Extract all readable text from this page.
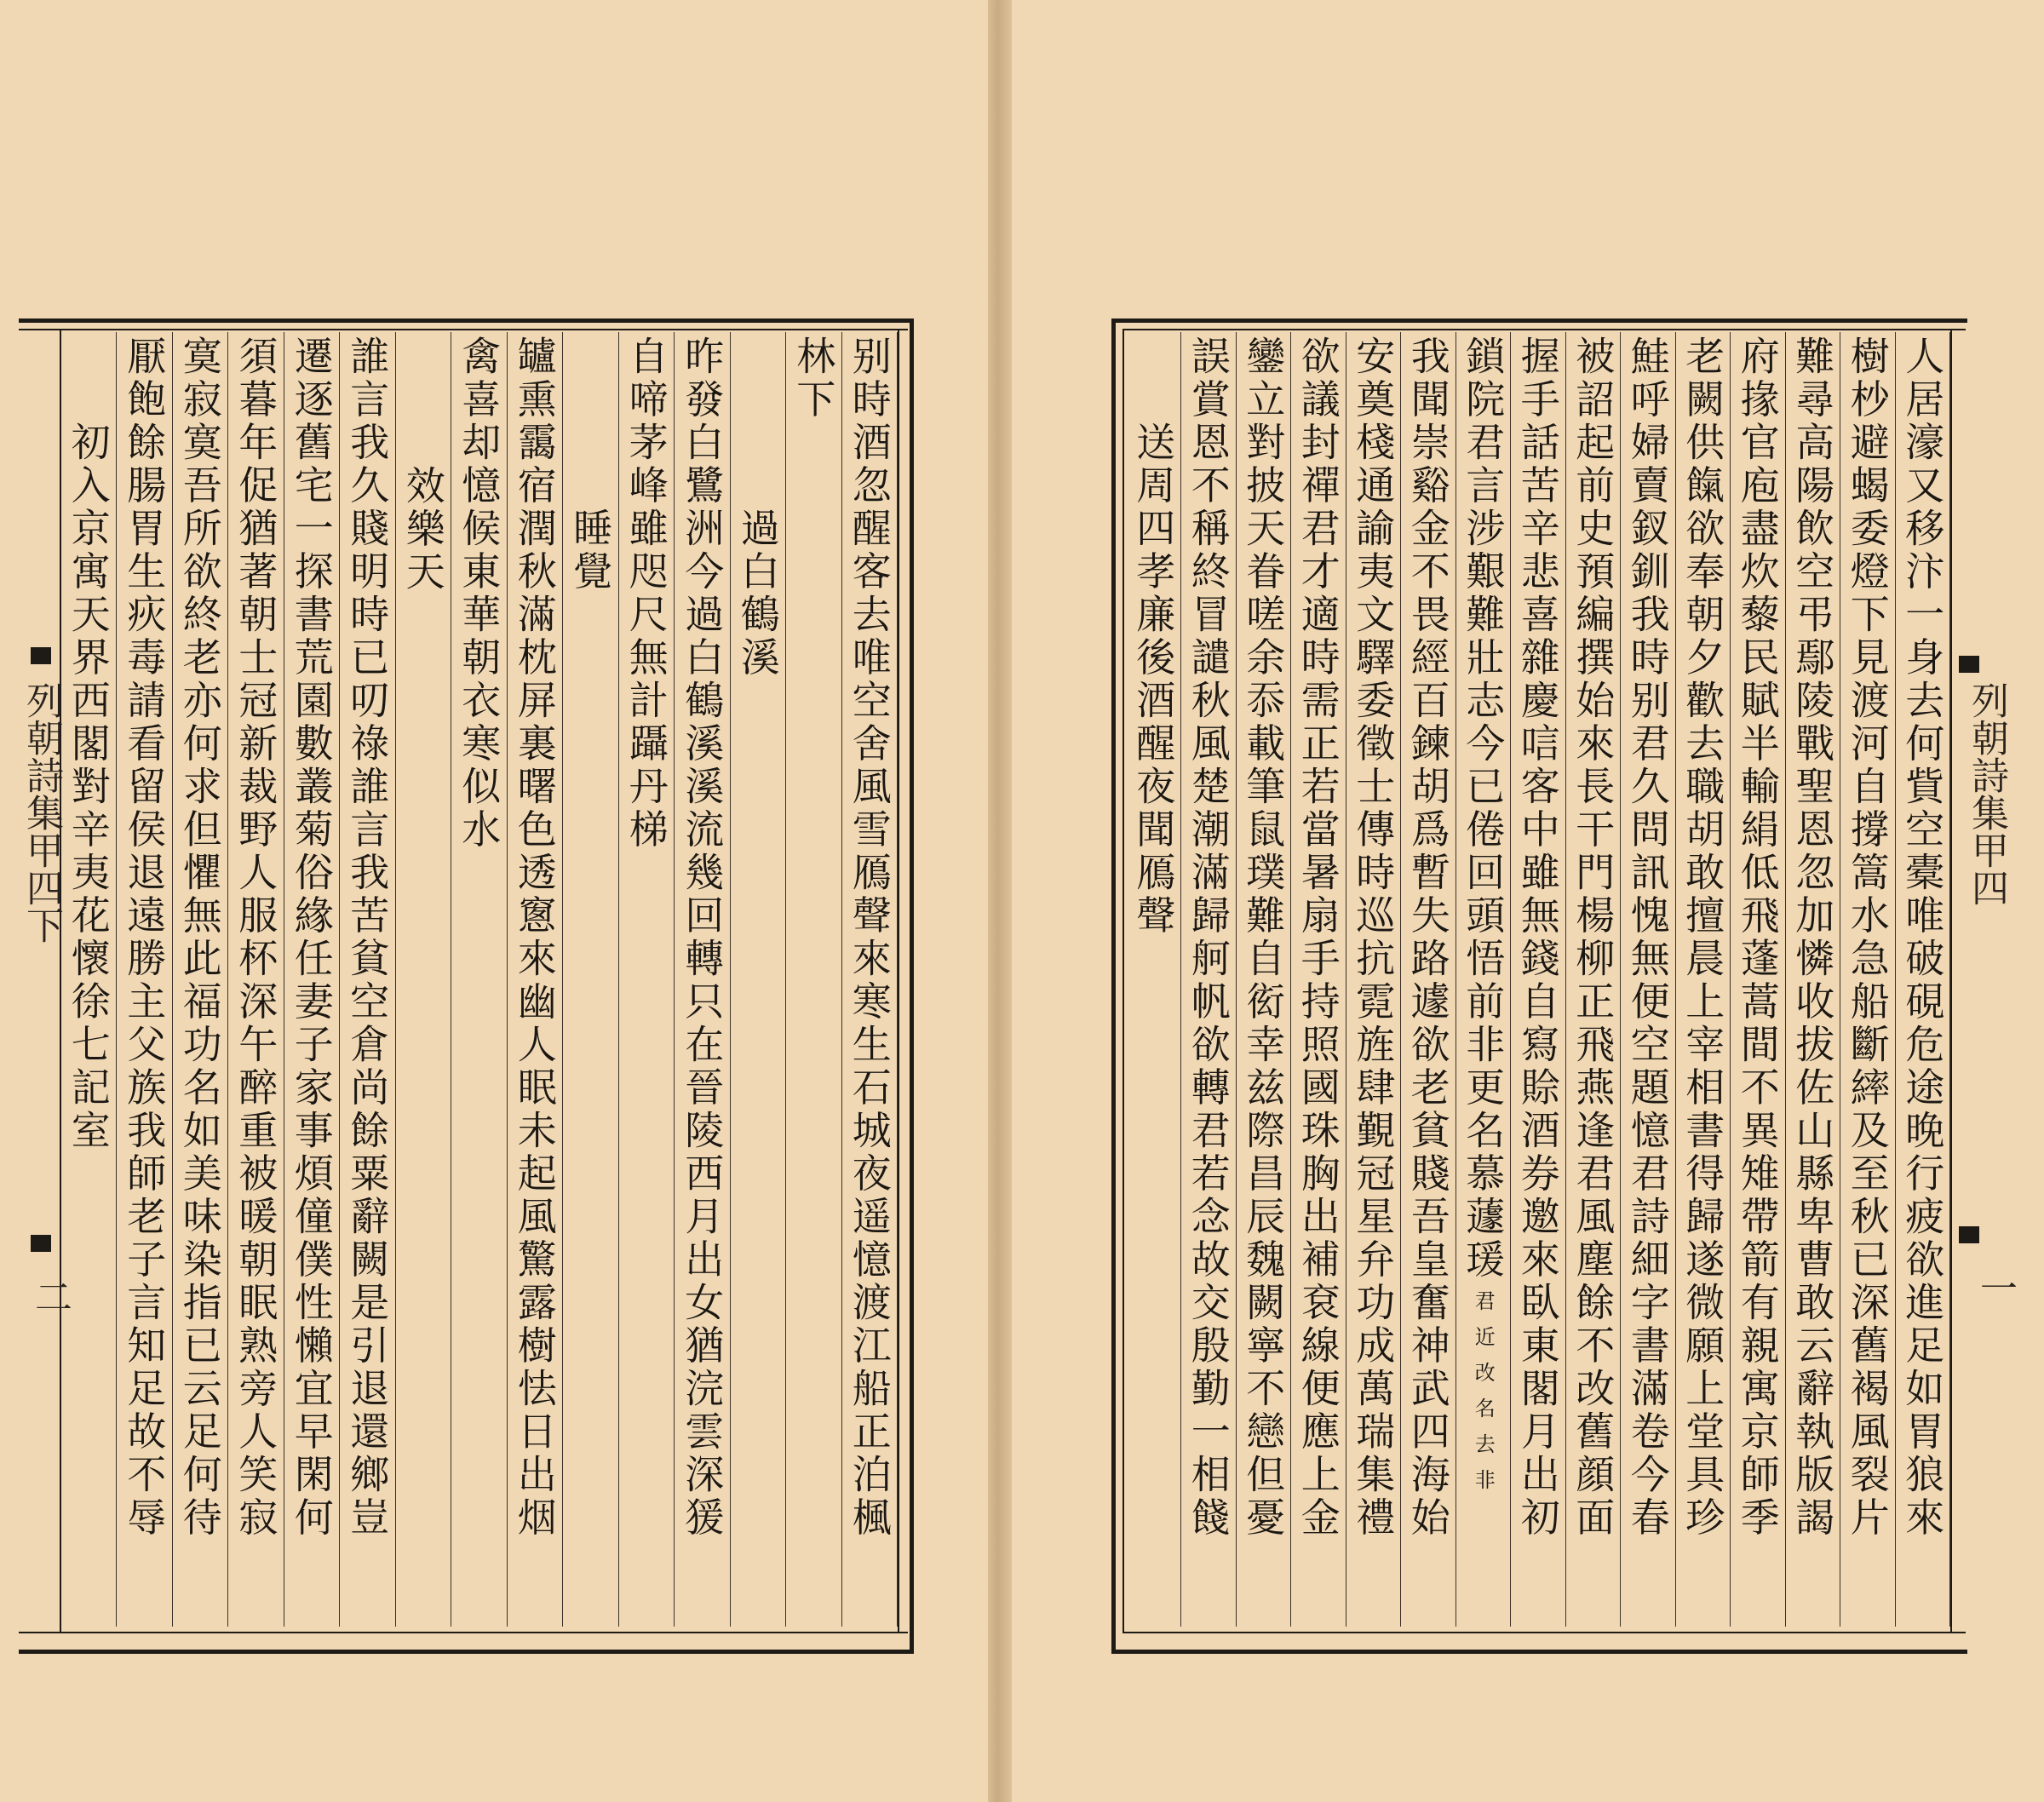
列朝詩集甲四下
二
列朝詩集甲四
一
别時酒忽醒客去唯空舍風雪鴈聲來寒生石城夜遥憶渡江船正泊楓
林下
過白鶴溪
昨發白鷺洲今過白鶴溪溪流幾回轉只在晉陵西月出女猶浣雲深猨
自啼茅峰雖咫尺無計躡丹梯
睡覺
罏熏靄宿潤秋滿枕屏裏曙色透窻來幽人眠未起風驚露樹怯日出烟
禽喜却憶候東華朝衣寒似水
效樂天
誰言我久賤明時已叨祿誰言我苦貧空倉尚餘粟辭闕是引退還鄉豈
遷逐舊宅一探書荒園數叢菊俗緣任妻子家事煩僮僕性懶宜早閑何
須暮年促猶著朝士冠新裁野人服杯深午醉重被暖朝眠熟旁人笑寂
寞寂寞吾所欲終老亦何求但懼無此福功名如美味染指已云足何待
厭飽餘腸胃生疢毒請看留侯退遠勝主父族我師老子言知足故不辱
初入京寓天界西閣對辛夷花懷徐七記室	人居濠又移汴一身去何貲空橐唯破硯危途晚行疲欲進足如胃狼來
樹杪避蝎委燈下見渡河自撐篙水急船斷繂及至秋已深舊褐風裂片
難尋高陽飲空弔鄢陵戰聖恩忽加憐收拔佐山縣卑曹敢云辭執版謁
府掾官庖盡炊藜民賦半輸絹低飛蓬蒿間不異雉帶箭有親寓京師季
老闕供餼欲奉朝夕歡去職胡敢擅晨上宰相書得歸遂微願上堂具珍
鮭呼婦賣釵釧我時别君久問訊愧無便空題憶君詩細字書滿卷今春
被詔起前史預編撰始來長干門楊柳正飛燕逢君風塵餘不改舊顔面
握手話苦辛悲喜雜慶唁客中雖無錢自寫賒酒券邀來臥東閣月出初
鎖院君言涉艱難壯志今已倦回頭悟前非更名慕蘧瑗
君近改名去非
我聞崇谿金不畏經百鍊胡爲暫失路遽欲老貧賤吾皇奮神武四海始
安奠棧通諭夷文驛委徵士傳時巡抗霓旌肆覲冠星弁功成萬瑞集禮
欲議封禪君才適時需正若當暑扇手持照國珠胸出補袞線便應上金
鑾立對披天眷嗟余忝載筆鼠璞難自衒幸兹際昌辰魏闕寧不戀但憂
誤賞恩不稱終冒譴秋風楚潮滿歸舸帆欲轉君若念故交殷勤一相餞
送周四孝廉後酒醒夜聞鴈聲
